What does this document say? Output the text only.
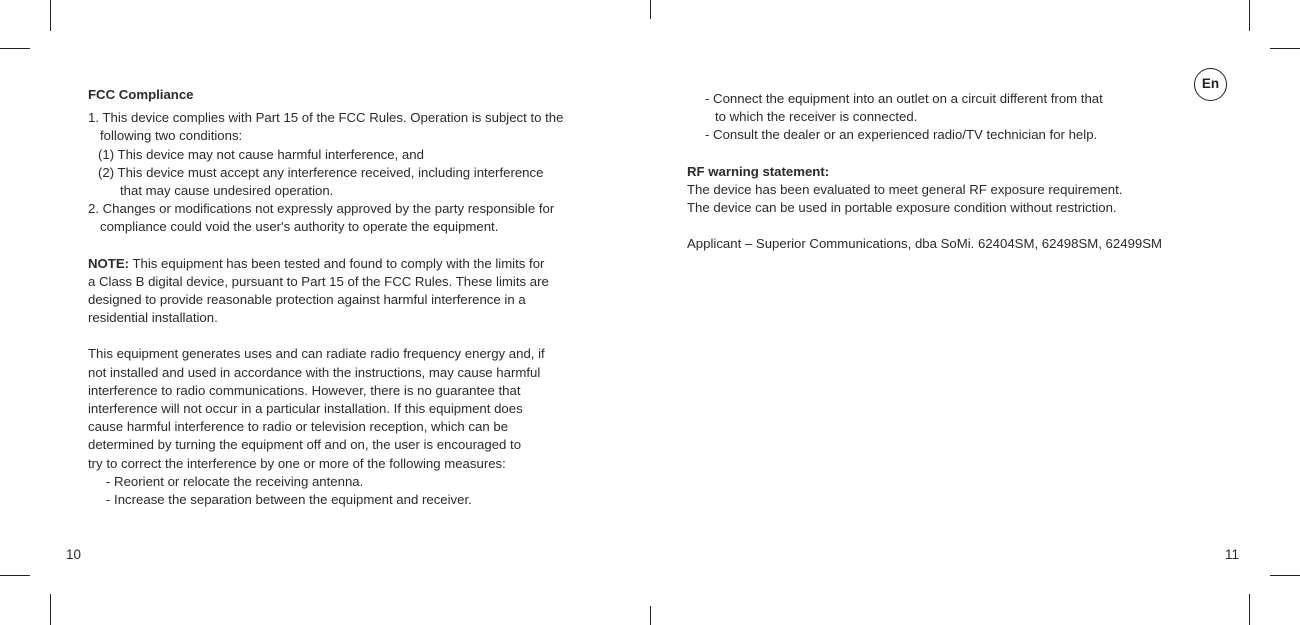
FCC Compliance

1. This device complies with Part 15 of the FCC Rules. Operation is subject to the

following two conditions:

(1) This device may not cause harmful interference, and

(2) This device must accept any interference received, including interference

that may cause undesired operation.

2. Changes or modifications not expressly approved by the party responsible for

compliance could void the user's authority to operate the equipment.

NOTE: This equipment has been tested and found to comply with the limits for

a Class B digital device, pursuant to Part 15 of the FCC Rules. These limits are

designed to provide reasonable protection against harmful interference in a

residential installation.

This equipment generates uses and can radiate radio frequency energy and, if

not installed and used in accordance with the instructions, may cause harmful

interference to radio communications. However, there is no guarantee that

interference will not occur in a particular installation. If this equipment does

cause harmful interference to radio or television reception, which can be

determined by turning the equipment off and on, the user is encouraged to

try to correct the interference by one or more of the following measures:

- Reorient or relocate the receiving antenna.

- Increase the separation between the equipment and receiver.

10
En

- Connect the equipment into an outlet on a circuit different from that

to which the receiver is connected.

- Consult the dealer or an experienced radio/TV technician for help.

RF warning statement:

The device has been evaluated to meet general RF exposure requirement.

The device can be used in portable exposure condition without restriction.

Applicant – Superior Communications, dba SoMi. 62404SM, 62498SM, 62499SM

11
